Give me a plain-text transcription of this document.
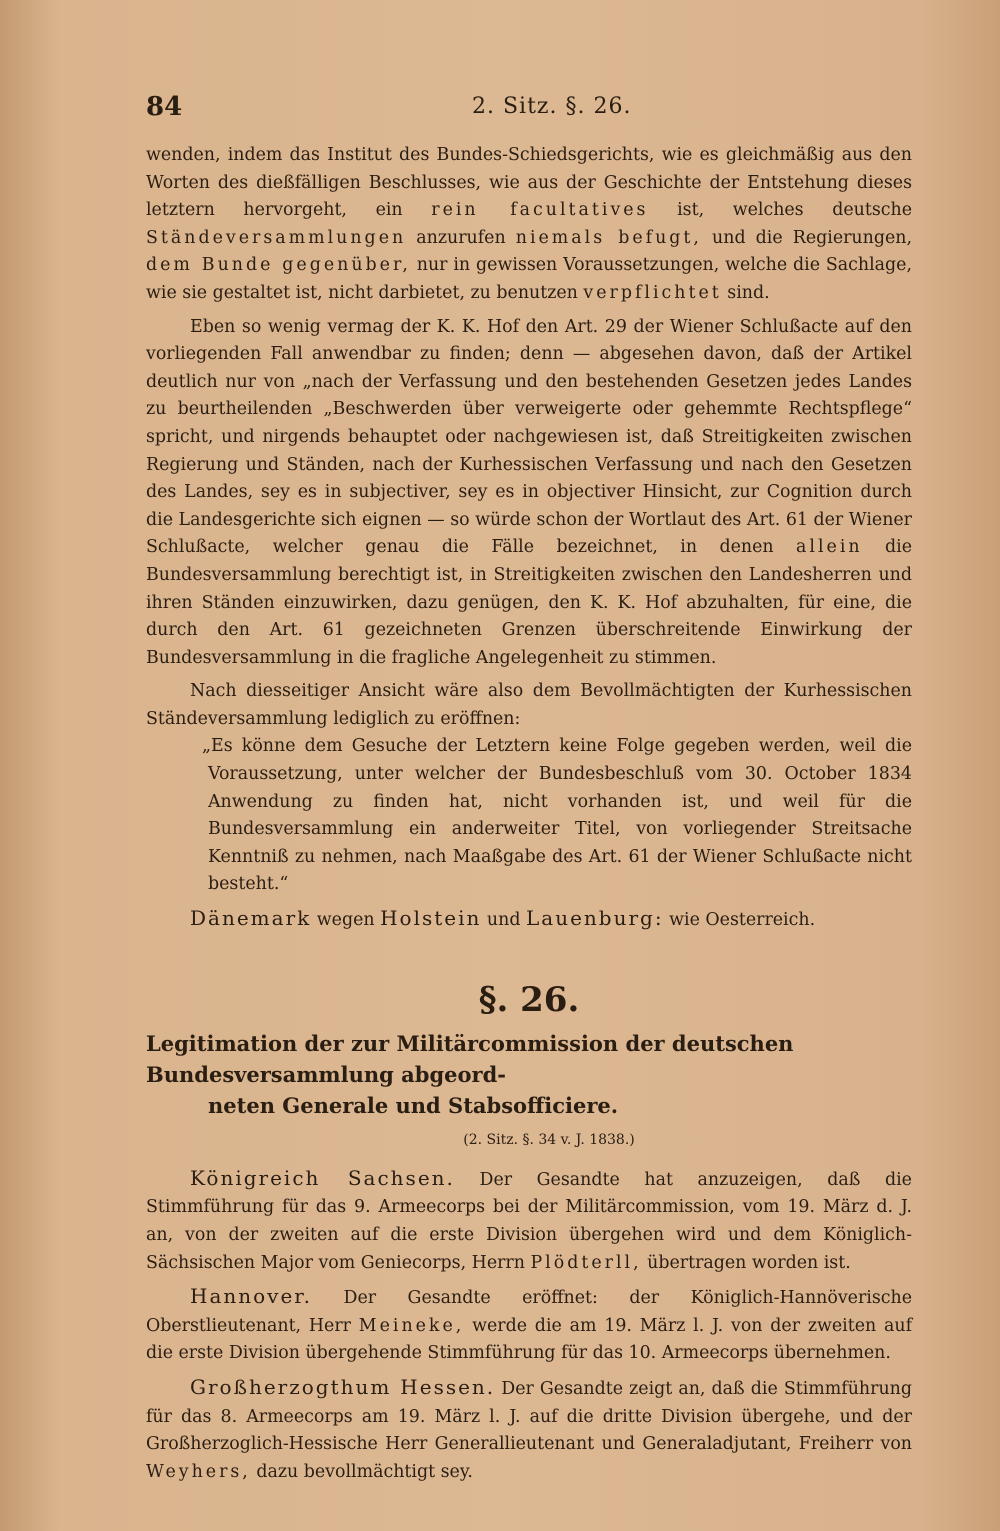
84	2. Sitz. §. 26.

wenden, indem das Institut des Bundes-Schiedsgerichts, wie es gleichmäßig aus den Worten des dießfälligen Beschlusses, wie aus der Geschichte der Entstehung dieses letztern hervorgeht, ein rein facultatives ist, welches deutsche Ständeversammlungen anzurufen niemals befugt, und die Regierungen, dem Bunde gegenüber, nur in gewissen Voraussetzungen, welche die Sachlage, wie sie gestaltet ist, nicht darbietet, zu benutzen verpflichtet sind.

Eben so wenig vermag der K. K. Hof den Art. 29 der Wiener Schlußacte auf den vorliegenden Fall anwendbar zu finden; denn — abgesehen davon, daß der Artikel deutlich nur von „nach der Verfassung und den bestehenden Gesetzen jedes Landes zu beurtheilenden „Beschwerden über verweigerte oder gehemmte Rechtspflege“ spricht, und nirgends behauptet oder nachgewiesen ist, daß Streitigkeiten zwischen Regierung und Ständen, nach der Kurhessischen Verfassung und nach den Gesetzen des Landes, sey es in subjectiver, sey es in objectiver Hinsicht, zur Cognition durch die Landesgerichte sich eignen — so würde schon der Wortlaut des Art. 61 der Wiener Schlußacte, welcher genau die Fälle bezeichnet, in denen allein die Bundesversammlung berechtigt ist, in Streitigkeiten zwischen den Landesherren und ihren Ständen einzuwirken, dazu genügen, den K. K. Hof abzuhalten, für eine, die durch den Art. 61 gezeichneten Grenzen überschreitende Einwirkung der Bundesversammlung in die fragliche Angelegenheit zu stimmen.

Nach diesseitiger Ansicht wäre also dem Bevollmächtigten der Kurhessischen Ständeversammlung lediglich zu eröffnen:

„Es könne dem Gesuche der Letztern keine Folge gegeben werden, weil die Voraussetzung, unter welcher der Bundesbeschluß vom 30. October 1834 Anwendung zu finden hat, nicht vorhanden ist, und weil für die Bundesversammlung ein anderweiter Titel, von vorliegender Streitsache Kenntniß zu nehmen, nach Maaßgabe des Art. 61 der Wiener Schlußacte nicht besteht.“

Dänemark wegen Holstein und Lauenburg: wie Oesterreich.

§. 26.

Legitimation der zur Militärcommission der deutschen Bundesversammlung abgeord-
neten Generale und Stabsofficiere.

(2. Sitz. §. 34 v. J. 1838.)

Königreich Sachsen. Der Gesandte hat anzuzeigen, daß die Stimmführung für das 9. Armeecorps bei der Militärcommission, vom 19. März d. J. an, von der zweiten auf die erste Division übergehen wird und dem Königlich-Sächsischen Major vom Geniecorps, Herrn Plödterll, übertragen worden ist.

Hannover. Der Gesandte eröffnet: der Königlich-Hannöverische Oberstlieutenant, Herr Meineke, werde die am 19. März l. J. von der zweiten auf die erste Division übergehende Stimmführung für das 10. Armeecorps übernehmen.

Großherzogthum Hessen. Der Gesandte zeigt an, daß die Stimmführung für das 8. Armeecorps am 19. März l. J. auf die dritte Division übergehe, und der Großherzoglich-Hessische Herr Generallieutenant und Generaladjutant, Freiherr von Weyhers, dazu bevollmächtigt sey.
